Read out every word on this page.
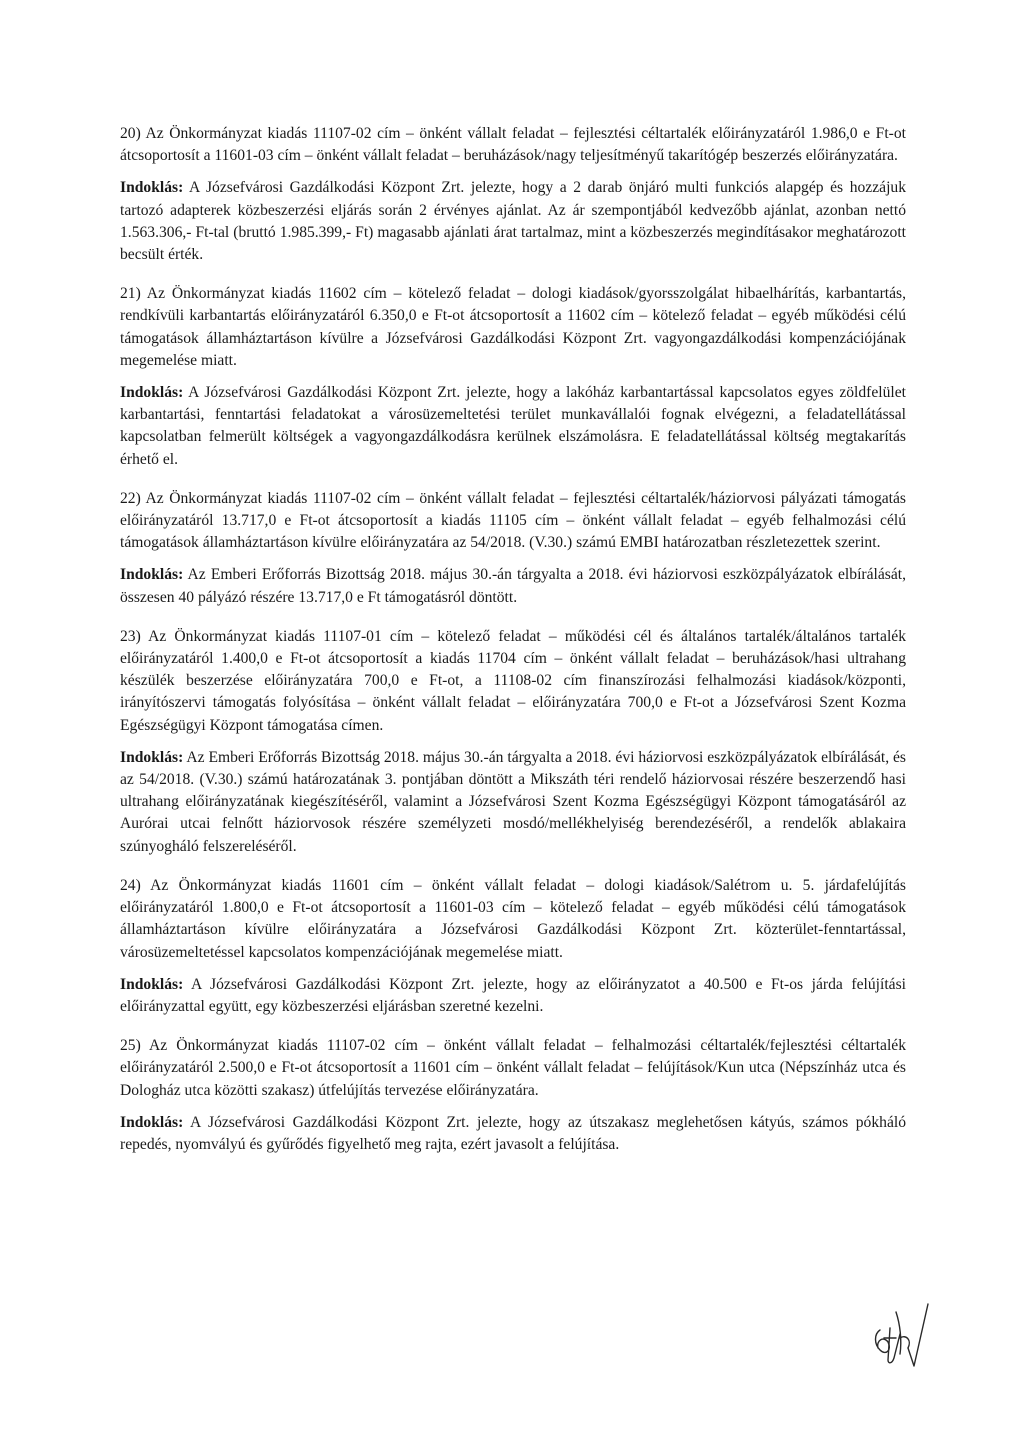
20) Az Önkormányzat kiadás 11107-02 cím – önként vállalt feladat – fejlesztési céltartalék előirányzatáról 1.986,0 e Ft-ot átcsoportosít a 11601-03 cím – önként vállalt feladat – beruházások/nagy teljesítményű takarítógép beszerzés előirányzatára.

Indoklás: A Józsefvárosi Gazdálkodási Központ Zrt. jelezte, hogy a 2 darab önjáró multi funkciós alapgép és hozzájuk tartozó adapterek közbeszerzési eljárás során 2 érvényes ajánlat. Az ár szempontjából kedvezőbb ajánlat, azonban nettó 1.563.306,- Ft-tal (bruttó 1.985.399,- Ft) magasabb ajánlati árat tartalmaz, mint a közbeszerzés megindításakor meghatározott becsült érték.

21) Az Önkormányzat kiadás 11602 cím – kötelező feladat – dologi kiadások/gyorsszolgálat hibaelhárítás, karbantartás, rendkívüli karbantartás előirányzatáról 6.350,0 e Ft-ot átcsoportosít a 11602 cím – kötelező feladat – egyéb működési célú támogatások államháztartáson kívülre a Józsefvárosi Gazdálkodási Központ Zrt. vagyongazdálkodási kompenzációjának megemelése miatt.

Indoklás: A Józsefvárosi Gazdálkodási Központ Zrt. jelezte, hogy a lakóház karbantartással kapcsolatos egyes zöldfelület karbantartási, fenntartási feladatokat a városüzemeltetési terület munkavállalói fognak elvégezni, a feladatellátással kapcsolatban felmerült költségek a vagyongazdálkodásra kerülnek elszámolásra. E feladatellátással költség megtakarítás érhető el.

22) Az Önkormányzat kiadás 11107-02 cím – önként vállalt feladat – fejlesztési céltartalék/háziorvosi pályázati támogatás előirányzatáról 13.717,0 e Ft-ot átcsoportosít a kiadás 11105 cím – önként vállalt feladat – egyéb felhalmozási célú támogatások államháztartáson kívülre előirányzatára az 54/2018. (V.30.) számú EMBI határozatban részletezettek szerint.

Indoklás: Az Emberi Erőforrás Bizottság 2018. május 30.-án tárgyalta a 2018. évi háziorvosi eszközpályázatok elbírálását, összesen 40 pályázó részére 13.717,0 e Ft támogatásról döntött.

23) Az Önkormányzat kiadás 11107-01 cím – kötelező feladat – működési cél és általános tartalék/általános tartalék előirányzatáról 1.400,0 e Ft-ot átcsoportosít a kiadás 11704 cím – önként vállalt feladat – beruházások/hasi ultrahang készülék beszerzése előirányzatára 700,0 e Ft-ot, a 11108-02 cím finanszírozási felhalmozási kiadások/központi, irányítószervi támogatás folyósítása – önként vállalt feladat – előirányzatára 700,0 e Ft-ot a Józsefvárosi Szent Kozma Egészségügyi Központ támogatása címen.

Indoklás: Az Emberi Erőforrás Bizottság 2018. május 30.-án tárgyalta a 2018. évi háziorvosi eszközpályázatok elbírálását, és az 54/2018. (V.30.) számú határozatának 3. pontjában döntött a Mikszáth téri rendelő háziorvosai részére beszerzendő hasi ultrahang előirányzatának kiegészítéséről, valamint a Józsefvárosi Szent Kozma Egészségügyi Központ támogatásáról az Aurórai utcai felnőtt háziorvosok részére személyzeti mosdó/mellékhelyiség berendezéséről, a rendelők ablakaira szúnyogháló felszereléséről.

24) Az Önkormányzat kiadás 11601 cím – önként vállalt feladat – dologi kiadások/Salétrom u. 5. járdafelújítás előirányzatáról 1.800,0 e Ft-ot átcsoportosít a 11601-03 cím – kötelező feladat – egyéb működési célú támogatások államháztartáson kívülre előirányzatára a Józsefvárosi Gazdálkodási Központ Zrt. közterület-fenntartással, városüzemeltetéssel kapcsolatos kompenzációjának megemelése miatt.

Indoklás: A Józsefvárosi Gazdálkodási Központ Zrt. jelezte, hogy az előirányzatot a 40.500 e Ft-os járda felújítási előirányzattal együtt, egy közbeszerzési eljárásban szeretné kezelni.

25) Az Önkormányzat kiadás 11107-02 cím – önként vállalt feladat – felhalmozási céltartalék/fejlesztési céltartalék előirányzatáról 2.500,0 e Ft-ot átcsoportosít a 11601 cím – önként vállalt feladat – felújítások/Kun utca (Népszínház utca és Dologház utca közötti szakasz) útfelújítás tervezése előirányzatára.

Indoklás: A Józsefvárosi Gazdálkodási Központ Zrt. jelezte, hogy az útszakasz meglehetősen kátyús, számos pókháló repedés, nyomvályú és gyűrődés figyelhető meg rajta, ezért javasolt a felújítása.
